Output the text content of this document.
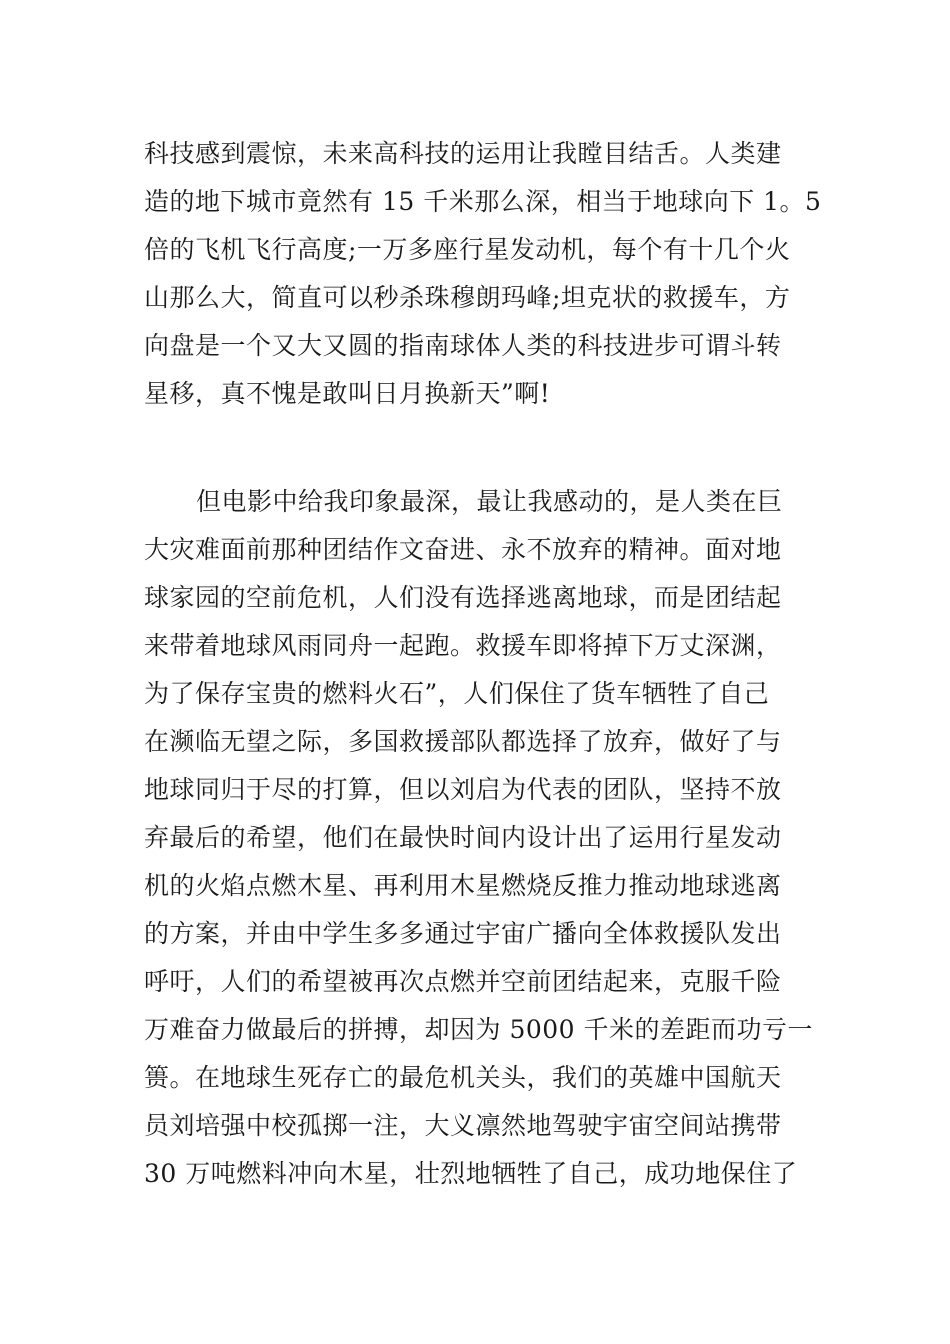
科技感到震惊，未来高科技的运用让我瞠目结舌。人类建
造的地下城市竟然有 15 千米那么深，相当于地球向下 1。5
倍的飞机飞行高度;一万多座行星发动机，每个有十几个火
山那么大，简直可以秒杀珠穆朗玛峰;坦克状的救援车，方
向盘是一个又大又圆的指南球体人类的科技进步可谓斗转
星移，真不愧是敢叫日月换新天”啊!
但电影中给我印象最深，最让我感动的，是人类在巨
大灾难面前那种团结作文奋进、永不放弃的精神。面对地
球家园的空前危机，人们没有选择逃离地球，而是团结起
来带着地球风雨同舟一起跑。救援车即将掉下万丈深渊，
为了保存宝贵的燃料火石”，人们保住了货车牺牲了自己
在濒临无望之际，多国救援部队都选择了放弃，做好了与
地球同归于尽的打算，但以刘启为代表的团队，坚持不放
弃最后的希望，他们在最快时间内设计出了运用行星发动
机的火焰点燃木星、再利用木星燃烧反推力推动地球逃离
的方案，并由中学生多多通过宇宙广播向全体救援队发出
呼吁，人们的希望被再次点燃并空前团结起来，克服千险
万难奋力做最后的拼搏，却因为 5000 千米的差距而功亏一
篑。在地球生死存亡的最危机关头，我们的英雄中国航天
员刘培强中校孤掷一注，大义凛然地驾驶宇宙空间站携带
30 万吨燃料冲向木星，壮烈地牺牲了自己，成功地保住了
